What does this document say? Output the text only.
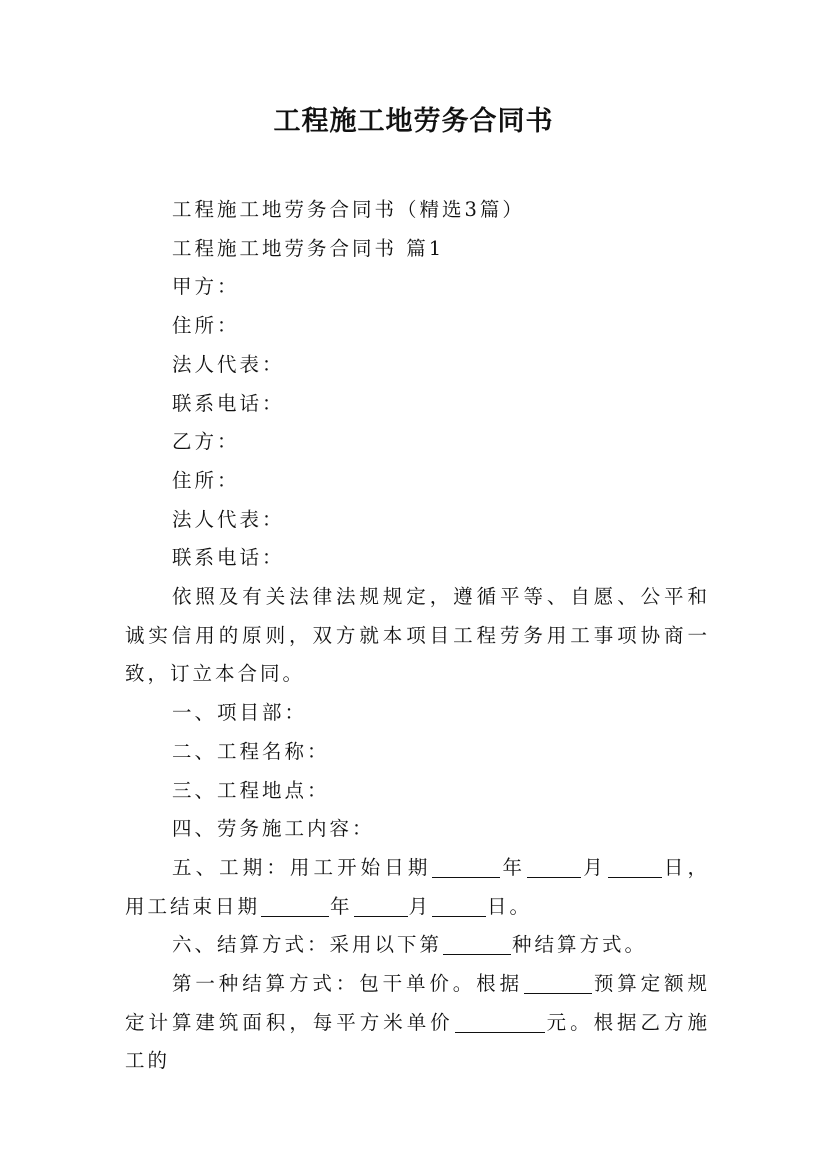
工程施工地劳务合同书

工程施工地劳务合同书（精选3篇）

工程施工地劳务合同书 篇1

甲方：

住所：

法人代表：

联系电话：

乙方：

住所：

法人代表：

联系电话：

依照及有关法律法规规定，遵循平等、自愿、公平和诚实信用的原则，双方就本项目工程劳务用工事项协商一致，订立本合同。

一、项目部：

二、工程名称：

三、工程地点：

四、劳务施工内容：

五、工期：用工开始日期	年	月	日，用工结束日期	年	月	日。

六、结算方式：采用以下第	种结算方式。

第一种结算方式：包干单价。根据	预算定额规定计算建筑面积，每平方米单价	元。根据乙方施工的
